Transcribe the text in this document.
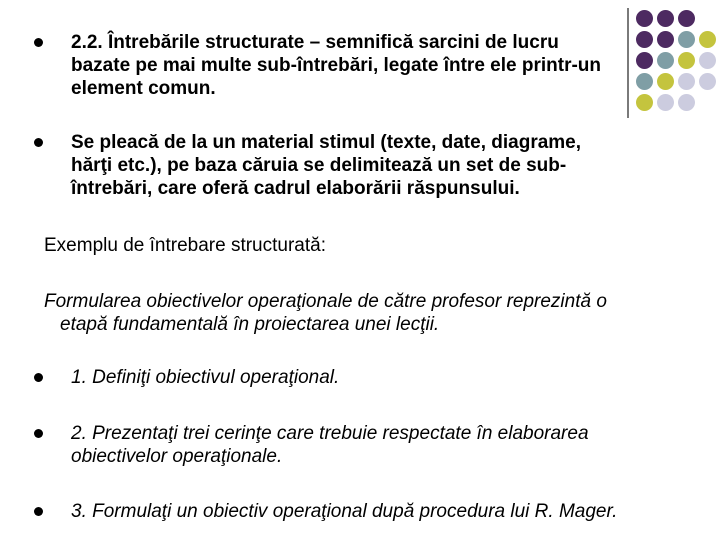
2.2. Întrebările structurate – semnifică sarcini de lucru
bazate pe mai multe sub-întrebări, legate între ele printr-un
element comun.
Se pleacă de la un material stimul (texte, date, diagrame,
hărţi etc.), pe baza căruia se delimitează un set de sub-
întrebări, care oferă cadrul elaborării răspunsului.
Exemplu de întrebare structurată:
Formularea obiectivelor operaţionale de către profesor reprezintă o
etapă fundamentală în proiectarea unei lecţii.
1. Definiţi obiectivul operaţional.
2. Prezentaţi trei cerinţe care trebuie respectate în elaborarea
obiectivelor operaţionale.
3. Formulaţi un obiectiv operaţional după procedura lui R. Mager.
